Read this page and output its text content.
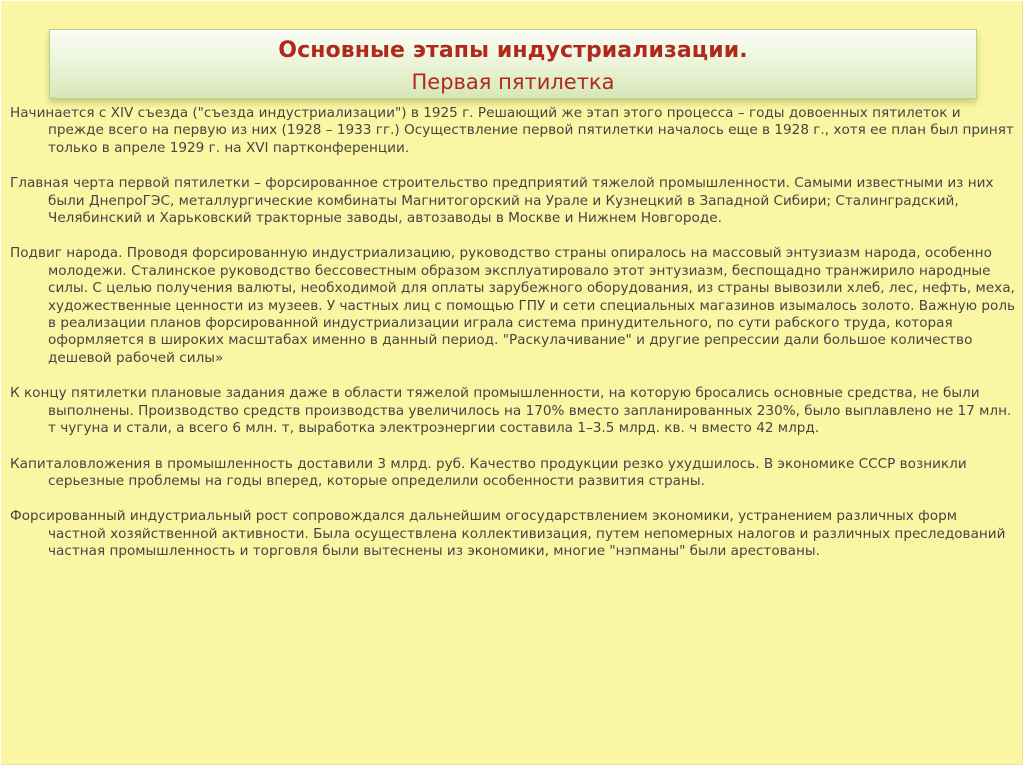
Основные этапы индустриализации.
Первая пятилетка

Начинается с XIV съезда ("съезда индустриализации") в 1925 г. Решающий же этап этого процесса – годы довоенных пятилеток и прежде всего на первую из них (1928 – 1933 гг.) Осуществление первой пятилетки началось еще в 1928 г., хотя ее план был принят только в апреле 1929 г. на XVI партконференции.

Главная черта первой пятилетки – форсированное строительство предприятий тяжелой промышленности. Самыми известными из них были ДнепроГЭС, металлургические комбинаты Магнитогорский на Урале и Кузнецкий в Западной Сибири; Сталинградский, Челябинский и Харьковский тракторные заводы, автозаводы в Москве и Нижнем Новгороде.

Подвиг народа. Проводя форсированную индустриализацию, руководство страны опиралось на массовый энтузиазм народа, особенно молодежи. Сталинское руководство бессовестным образом эксплуатировало этот энтузиазм, беспощадно транжирило народные силы. С целью получения валюты, необходимой для оплаты зарубежного оборудования, из страны вывозили хлеб, лес, нефть, меха, художественные ценности из музеев. У частных лиц с помощью ГПУ и сети специальных магазинов изымалось золото. Важную роль в реализации планов форсированной индустриализации играла система принудительного, по сути рабского труда, которая оформляется в широких масштабах именно в данный период. "Раскулачивание" и другие репрессии дали большое количество дешевой рабочей силы»

К концу пятилетки плановые задания даже в области тяжелой промышленности, на которую бросались основные средства, не были выполнены. Производство средств производства увеличилось на 170% вместо запланированных 230%, было выплавлено не 17 млн. т чугуна и стали, а всего 6 млн. т, выработка электроэнергии составила 1–3.5 млрд. кв. ч вместо 42 млрд.

Капиталовложения в промышленность доставили 3 млрд. руб. Качество продукции резко ухудшилось. В экономике СССР возникли серьезные проблемы на годы вперед, которые определили особенности развития страны.

Форсированный индустриальный рост сопровождался дальнейшим огосударствлением экономики, устранением различных форм частной хозяйственной активности. Была осуществлена коллективизация, путем непомерных налогов и различных преследований частная промышленность и торговля были вытеснены из экономики, многие "нэпманы" были арестованы.
